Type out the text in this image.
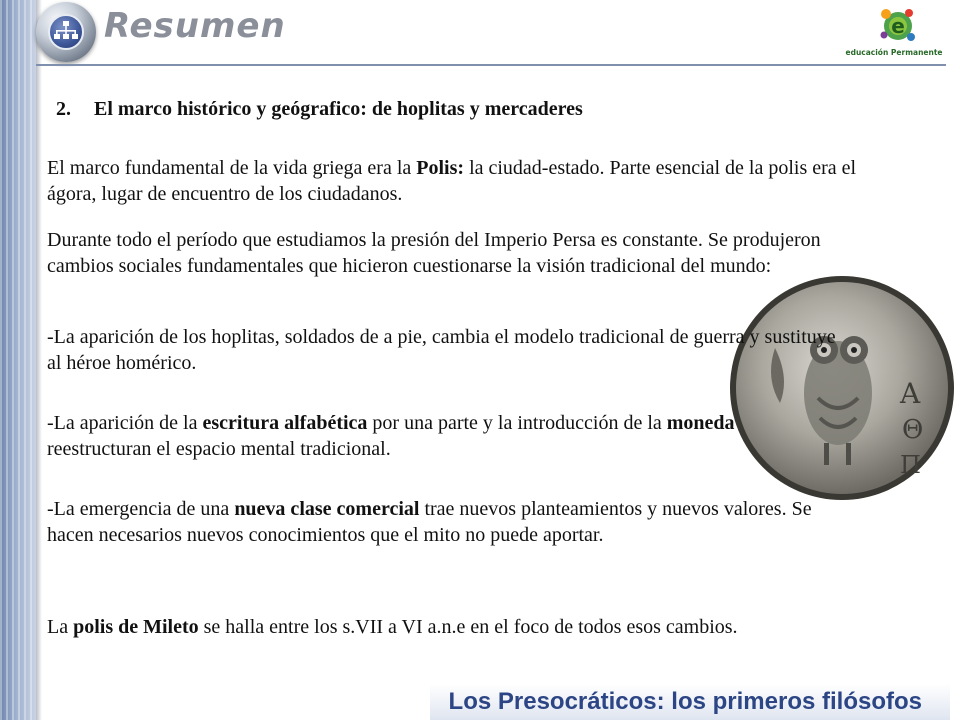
Resumen	e
educación Permanente
2. El marco histórico y geógrafico: de hoplitas y mercaderes

El marco fundamental de la vida griega era la Polis: la ciudad-estado. Parte esencial de la polis era el ágora, lugar de encuentro de los ciudadanos.

Durante todo el período que estudiamos la presión del Imperio Persa es constante. Se produjeron cambios sociales fundamentales que hicieron cuestionarse la visión tradicional del mundo:

Α
Θ
Π

-La aparición de los hoplitas, soldados de a pie, cambia el modelo tradicional de guerra y sustituye al héroe homérico.

-La aparición de la escritura alfabética por una parte y la introducción de la moneda reestructuran el espacio mental tradicional.

-La emergencia de una nueva clase comercial trae nuevos planteamientos y nuevos valores. Se hacen necesarios nuevos conocimientos que el mito no puede aportar.

La polis de Mileto se halla entre los s.VII a VI a.n.e en el foco de todos esos cambios.

Los Presocráticos: los primeros filósofos
